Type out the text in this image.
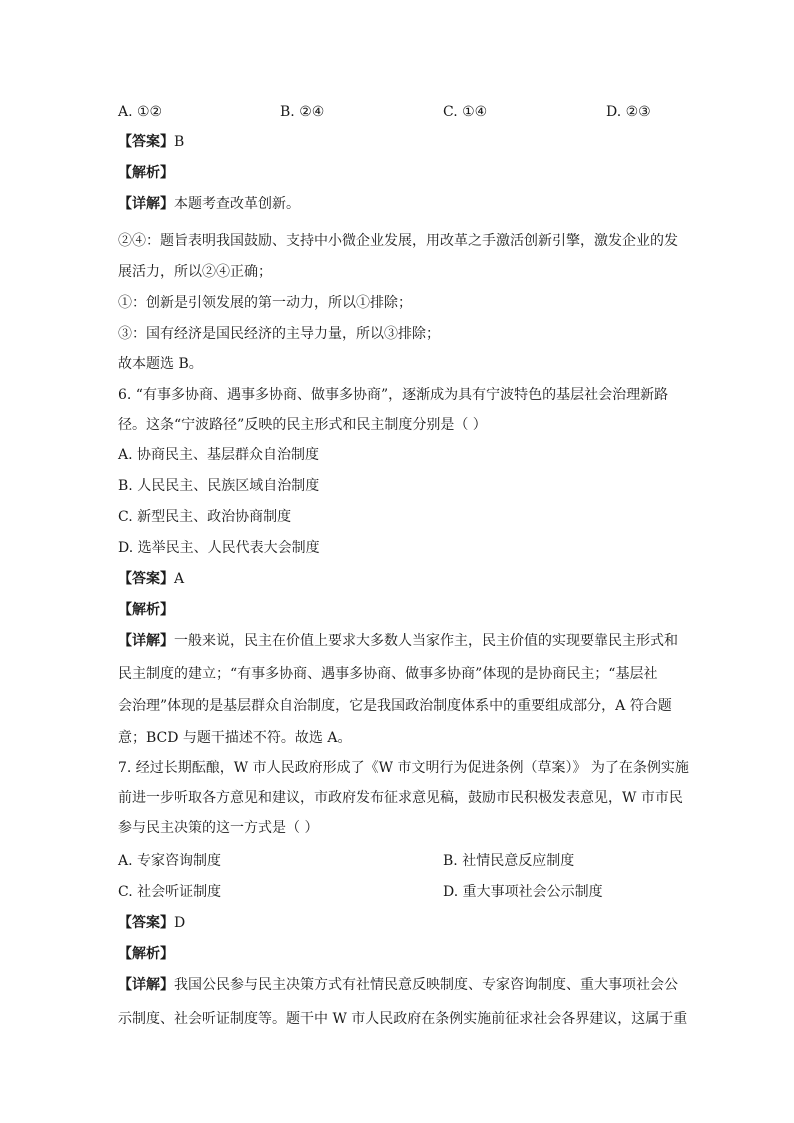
A. ①②	B. ②④	C. ①④	D. ②③
【答案】B
【解析】
【详解】本题考查改革创新。
②④：题旨表明我国鼓励、支持中小微企业发展，用改革之手激活创新引擎，激发企业的发
展活力，所以②④正确；
①：创新是引领发展的第一动力，所以①排除；
③：国有经济是国民经济的主导力量，所以③排除；
故本题选 B。
6. “有事多协商、遇事多协商、做事多协商”，逐渐成为具有宁波特色的基层社会治理新路
径。这条“宁波路径”反映的民主形式和民主制度分别是（ ）
A. 协商民主、基层群众自治制度
B. 人民民主、民族区域自治制度
C. 新型民主、政治协商制度
D. 选举民主、人民代表大会制度
【答案】A
【解析】
【详解】一般来说，民主在价值上要求大多数人当家作主，民主价值的实现要靠民主形式和
民主制度的建立；“有事多协商、遇事多协商、做事多协商”体现的是协商民主；“基层社
会治理”体现的是基层群众自治制度，它是我国政治制度体系中的重要组成部分，A 符合题
意；BCD 与题干描述不符。故选 A。
7. 经过长期酝酿，W 市人民政府形成了《W 市文明行为促进条例（草案）》 为了在条例实施
前进一步听取各方意见和建议，市政府发布征求意见稿，鼓励市民积极发表意见，W 市市民
参与民主决策的这一方式是（ ）
A. 专家咨询制度	B. 社情民意反应制度
C. 社会听证制度	D. 重大事项社会公示制度
【答案】D
【解析】
【详解】我国公民参与民主决策方式有社情民意反映制度、专家咨询制度、重大事项社会公
示制度、社会听证制度等。题干中 W 市人民政府在条例实施前征求社会各界建议，这属于重
